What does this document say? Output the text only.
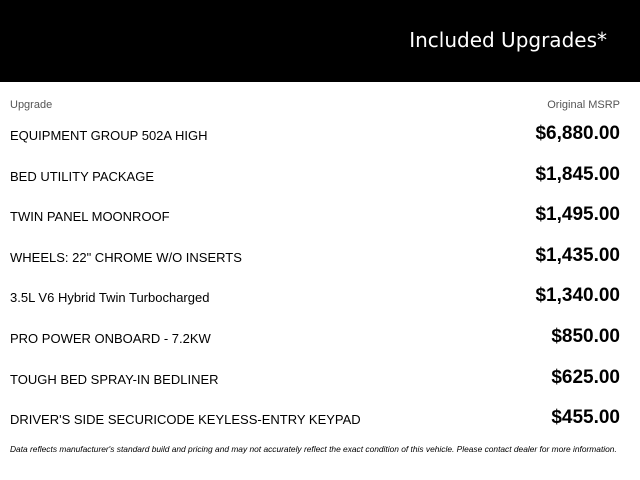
Included Upgrades*
Upgrade	Original MSRP
EQUIPMENT GROUP 502A HIGH	$6,880.00
BED UTILITY PACKAGE	$1,845.00
TWIN PANEL MOONROOF	$1,495.00
WHEELS: 22" CHROME W/O INSERTS	$1,435.00
3.5L V6 Hybrid Twin Turbocharged	$1,340.00
PRO POWER ONBOARD - 7.2KW	$850.00
TOUGH BED SPRAY-IN BEDLINER	$625.00
DRIVER'S SIDE SECURICODE KEYLESS-ENTRY KEYPAD	$455.00
Data reflects manufacturer's standard build and pricing and may not accurately reflect the exact condition of this vehicle. Please contact dealer for more information.
